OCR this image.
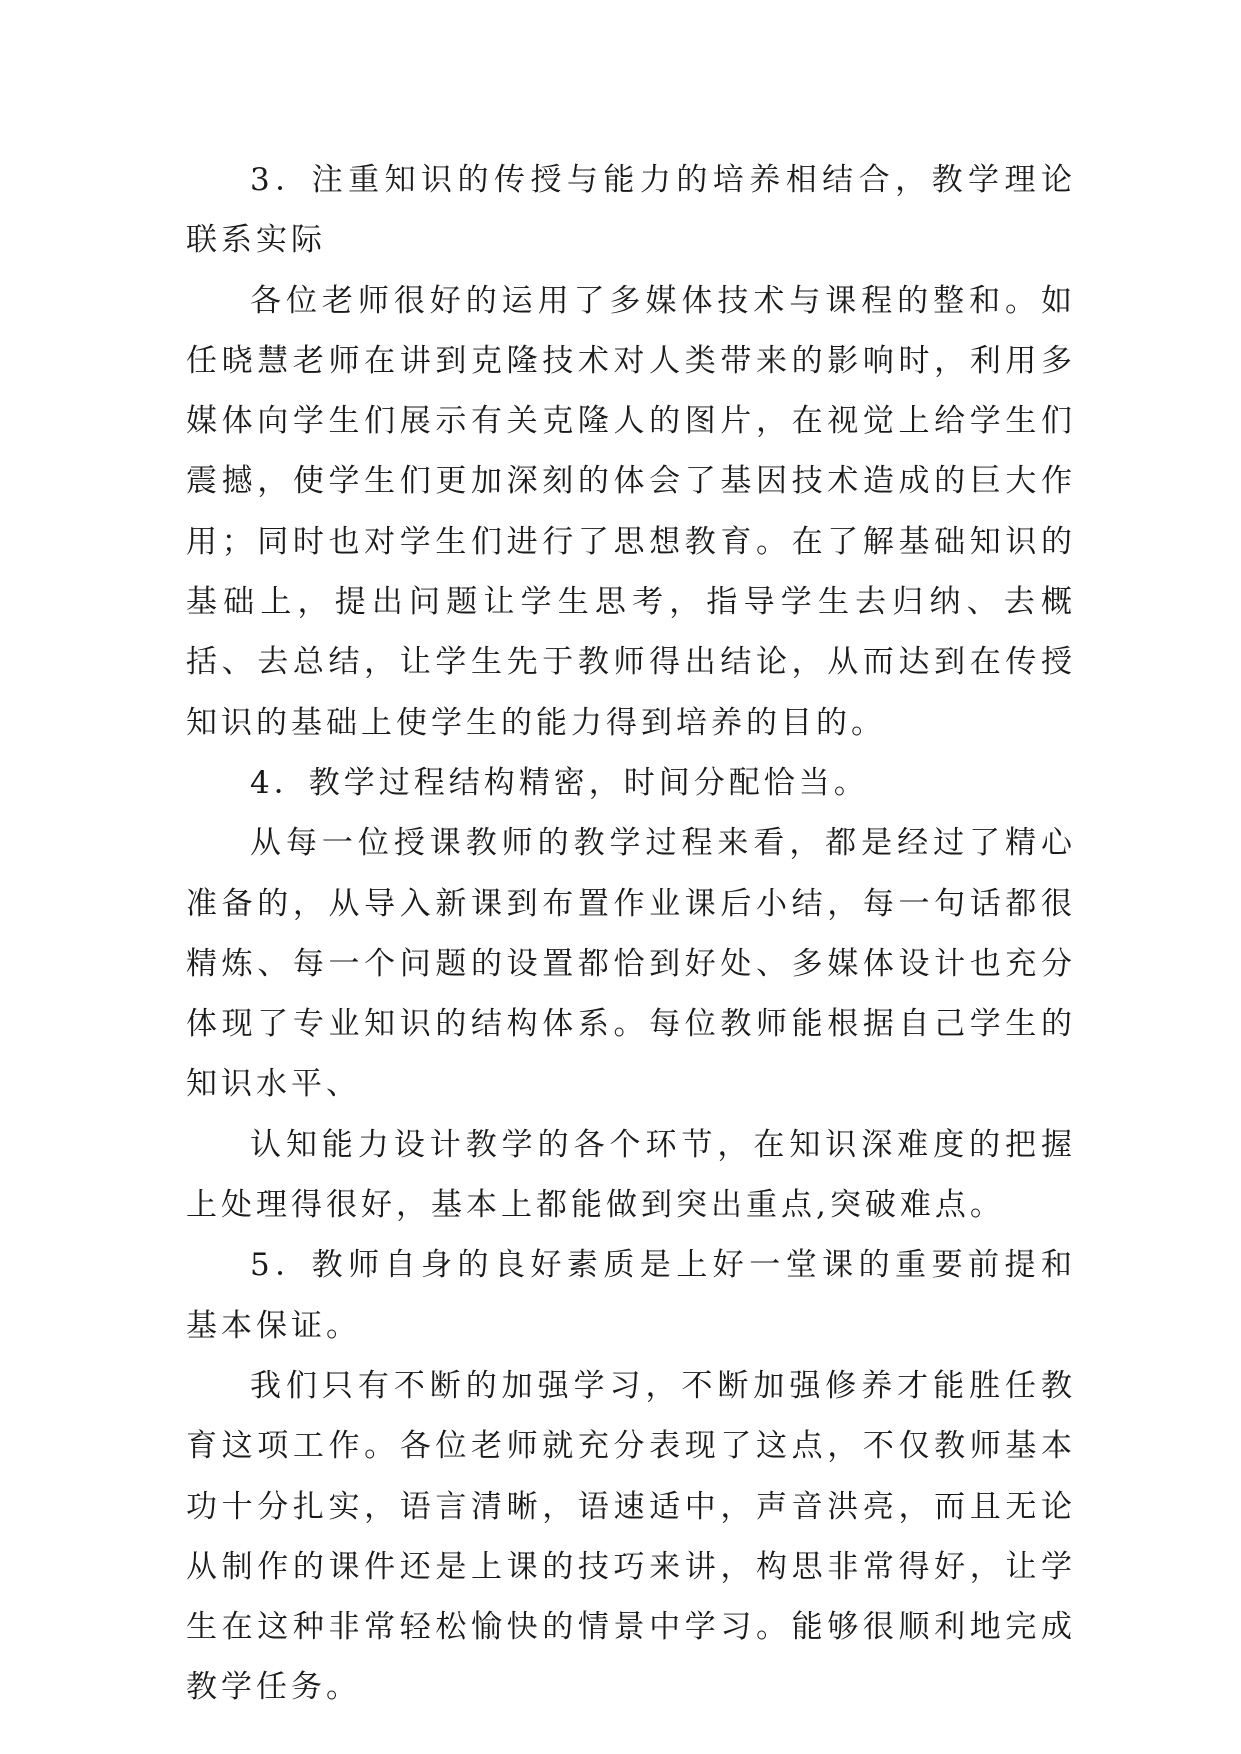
3．注重知识的传授与能力的培养相结合，教学理论联系实际

各位老师很好的运用了多媒体技术与课程的整和。如任晓慧老师在讲到克隆技术对人类带来的影响时，利用多媒体向学生们展示有关克隆人的图片，在视觉上给学生们震撼，使学生们更加深刻的体会了基因技术造成的巨大作用；同时也对学生们进行了思想教育。在了解基础知识的基础上，提出问题让学生思考，指导学生去归纳、去概括、去总结，让学生先于教师得出结论，从而达到在传授知识的基础上使学生的能力得到培养的目的。

4．教学过程结构精密，时间分配恰当。

从每一位授课教师的教学过程来看，都是经过了精心准备的，从导入新课到布置作业课后小结，每一句话都很精炼、每一个问题的设置都恰到好处、多媒体设计也充分体现了专业知识的结构体系。每位教师能根据自己学生的知识水平、

认知能力设计教学的各个环节，在知识深难度的把握上处理得很好，基本上都能做到突出重点,突破难点。

5．教师自身的良好素质是上好一堂课的重要前提和基本保证。

我们只有不断的加强学习，不断加强修养才能胜任教育这项工作。各位老师就充分表现了这点，不仅教师基本功十分扎实，语言清晰，语速适中，声音洪亮，而且无论从制作的课件还是上课的技巧来讲，构思非常得好，让学生在这种非常轻松愉快的情景中学习。能够很顺利地完成教学任务。
